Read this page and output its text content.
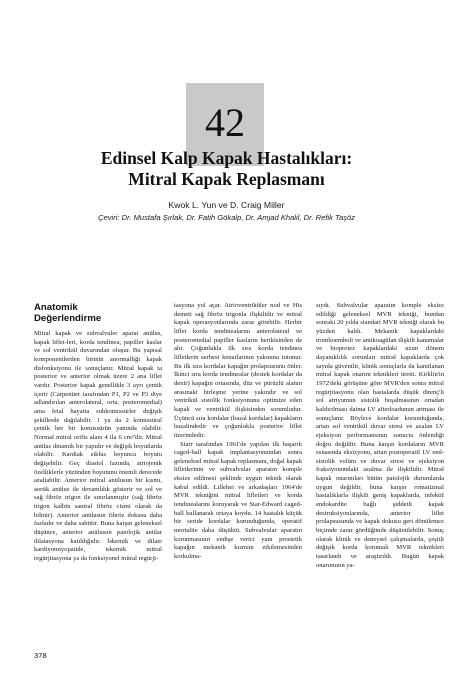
42
Edinsel Kalp Kapak Hastalıkları:
Mitral Kapak Replasmanı
Kwok L. Yun ve D. Craig Miller
Çeviri: Dr. Mustafa Şırlak, Dr. Fatih Gökalp, Dr. Amjad Khalil, Dr. Refik Taşöz
Anatomik
Değerlendirme

Mitral kapak ve subvalvuler aparat anülus, kapak liflet-leri, korda tendinea, papiller kaslar ve sol ventrikül duvarından oluşur. Bu yapısal komponentlerden birinin anormalliği kapak disfonksiyonu ile sonuçlanır. Mitral kapak ta posterior ve anterior olmak üzere 2 ana liflet vardır. Posterior kapak genellikle 3 ayrı çentik içerir (Carpentier tarafından P1, P2 ve P3 diye adlandırılan anterolateral, orta, posteromedial) ama fetal hayatta subkomissürler değişik şekillerde dağılabilir. 1 ya da 2 komissüral çentik her bir komissürün yanında olabilir. Normal mitral orifis alanı 4 ila 6 cm²'dir. Mitral anülus dinamik bir yapıdır ve değişik boyutlarda olabilir. Kardiak siklus boyunca boyutu değişebilir. Geç diastol fazında, atriojenik özelliklerle yüzünden boyutunu önemli derecede azaltabilir. Anterior mitral anülusun bir kısmı, aortik anülus ile devamlılık gösterir ve sol ve sağ fibröz trigon ile sınırlanmıştır (sağ fibröz trigon kalbin santral fibröz cismi olarak da bilinir). Anterior anülusun fibröz dokusu daha fazladır ve daha sabittir. Buna karşın geleneksel düşünce, anterior anülusun patolojik anülar dilatasyona katıldığıdır. İskemik ve dilate kardiyomiyopatide, iskemik mitral regürjitasyona ya da fonksiyonel mitral regürji-

tasyona yol açar. Atrioventriküler nod ve His demeti sağ fibröz trigonla ilişkilidir ve mitral kapak operasyonlarında zarar görebilir. Herbir liflet korda tendinealarını anterolateral ve posteromedial papiller kasların herikisinden de alır. Çoğunlukla ilk sıra korda tendinea lifletlerin serbest kenarlarının yakınına tutunur. Bu ilk sıra kordalar kapağın prolapsusunu önler. İkinci sıra korda tendinealar (destek kordalar da denir) kapağın ortasında, düz ve pürüzlü alanın arasınaki birleşme yerine yakındır ve sol ventrikül sistolik fonksiyonunu optimize eden kapak ve ventrikül ilişkisinden sorumludur. Üçüncü sıra kordalar (bazal kordalar) kapakların bazalindedir ve çoğunlukla posterior liflet üzerindedir.

Starr tarafından 1961'de yapılan ilk başarılı caged-ball kapak implantasyonundan sonra geleneksel mitral kapak replasmanı, doğal kapak lifletlerinin ve subvalvular aparatın komple eksize edilmesi şeklinde uygun teknik olarak kabul edildi. Lillehei ve arkadaşları 1964'de MVR tekniğini mitral lifletleri ve korda tendinealarını koruyarak ve Star-Edward caged-ball kullanarak ortaya koydu. 14 hastalık küçük bir seride kordalar korunduğunda, operatif mortalite daha düşüktü. Subvalvular aparatın korunmasının endişe verici yanı prostetik kapağın mekanik kısmını etkilemesinden korkulma-

sıydı. Subvalvular aparatın komple eksize edildiği geleneksel MVR tekniği, bundan sonraki 20 yılda standart MVR tekniği olarak bu yüzden kaldı. Mekanik kapaklardaki tromboemboli ve antikoagülan ilişkili kanamalar ve bioprotez kapaklardaki uzun dönem dayanıklılık sorunları mitral kapaklarda çok sayıda güvenilir, klinik sonuçlarla da kanıtlanan mitral kapak onarım teknikleri üretti. Kirklin'in 1972'deki görüşüne göre MVR'den sonra mitral regürjitasyonu olan hastalarda düşük direnç'li sol atriyumun sistolik boşalmasının ortadan kaldırılması daima LV afterloadunun artması ile sonuçlanır. Böylece kordalar korunduğunda, artan sol ventrikül duvar stresi ve azalan LV ejeksiyon performansının sonucta önlendiği doğru değildir. Buna karşın kordaların MVR esnasında eksizyonu, artan postoperatif LV end-sistolik volüm ve duvar stresi ve ejeksiyon fraksiyonundaki azalma ile ilişkilidir. Mitral kapak onarımları bütün patolojik durumlarda uygun değildir, buna karşın romatizmal hastalıklarla ilişkili geniş kapaklarda, infektif endokardite bağlı şiddetli kapak destruksiyonlarında, anterior liflet prolapsusunda ve kapak dokusu geri dönülemez biçimde zarar gördüğünde düşünülebilir. Sonuç olarak klinik ve deneysel çalışmalarda, çeşitli değişik korda korumalı MVR teknikleri tasarlandı ve araştırıldı. Bugün kapak onarımının ya-

378
